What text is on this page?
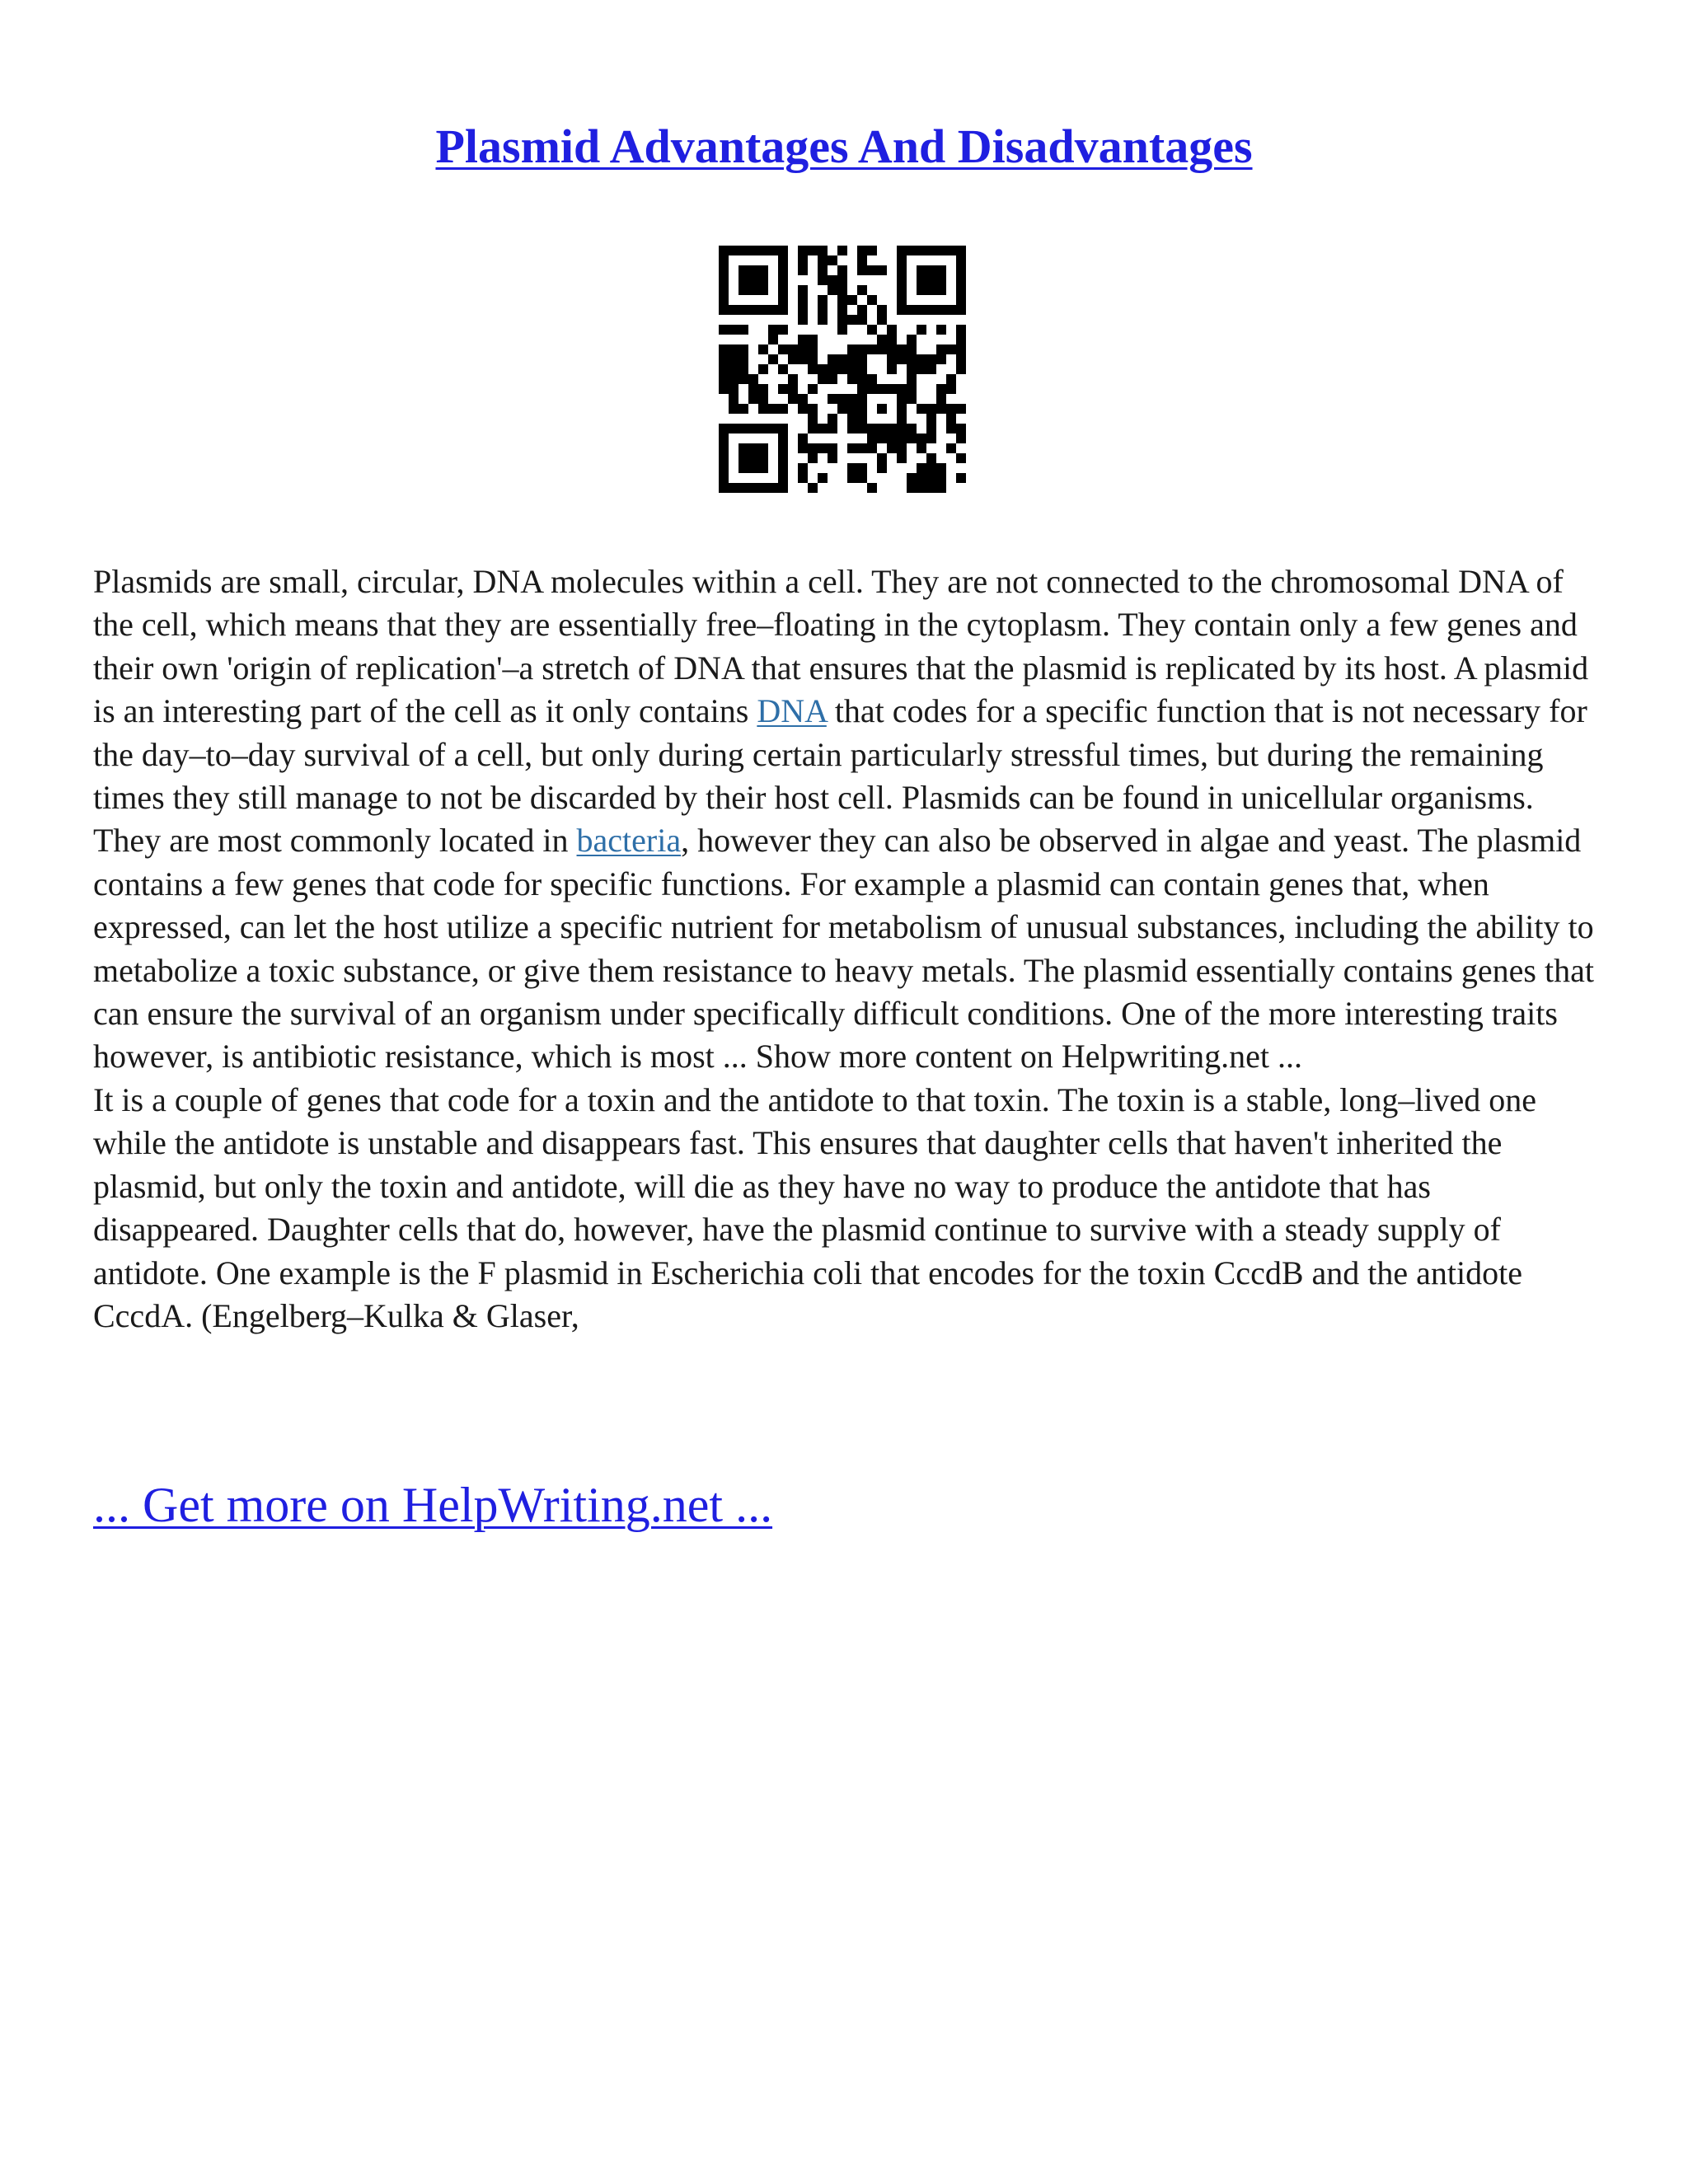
Plasmid Advantages And Disadvantages

Plasmids are small, circular, DNA molecules within a cell. They are not connected to the chromosomal DNA of the cell, which means that they are essentially free–floating in the cytoplasm. They contain only a few genes and their own 'origin of replication'–a stretch of DNA that ensures that the plasmid is replicated by its host. A plasmid is an interesting part of the cell as it only contains DNA that codes for a specific function that is not necessary for the day–to–day survival of a cell, but only during certain particularly stressful times, but during the remaining times they still manage to not be discarded by their host cell. Plasmids can be found in unicellular organisms. They are most commonly located in bacteria, however they can also be observed in algae and yeast. The plasmid contains a few genes that code for specific functions. For example a plasmid can contain genes that, when expressed, can let the host utilize a specific nutrient for metabolism of unusual substances, including the ability to metabolize a toxic substance, or give them resistance to heavy metals. The plasmid essentially contains genes that can ensure the survival of an organism under specifically difficult conditions. One of the more interesting traits however, is antibiotic resistance, which is most ... Show more content on Helpwriting.net ...

It is a couple of genes that code for a toxin and the antidote to that toxin. The toxin is a stable, long–lived one while the antidote is unstable and disappears fast. This ensures that daughter cells that haven't inherited the plasmid, but only the toxin and antidote, will die as they have no way to produce the antidote that has disappeared. Daughter cells that do, however, have the plasmid continue to survive with a steady supply of antidote. One example is the F plasmid in Escherichia coli that encodes for the toxin CccdB and the antidote CccdA. (Engelberg–Kulka & Glaser,

... Get more on HelpWriting.net ...
